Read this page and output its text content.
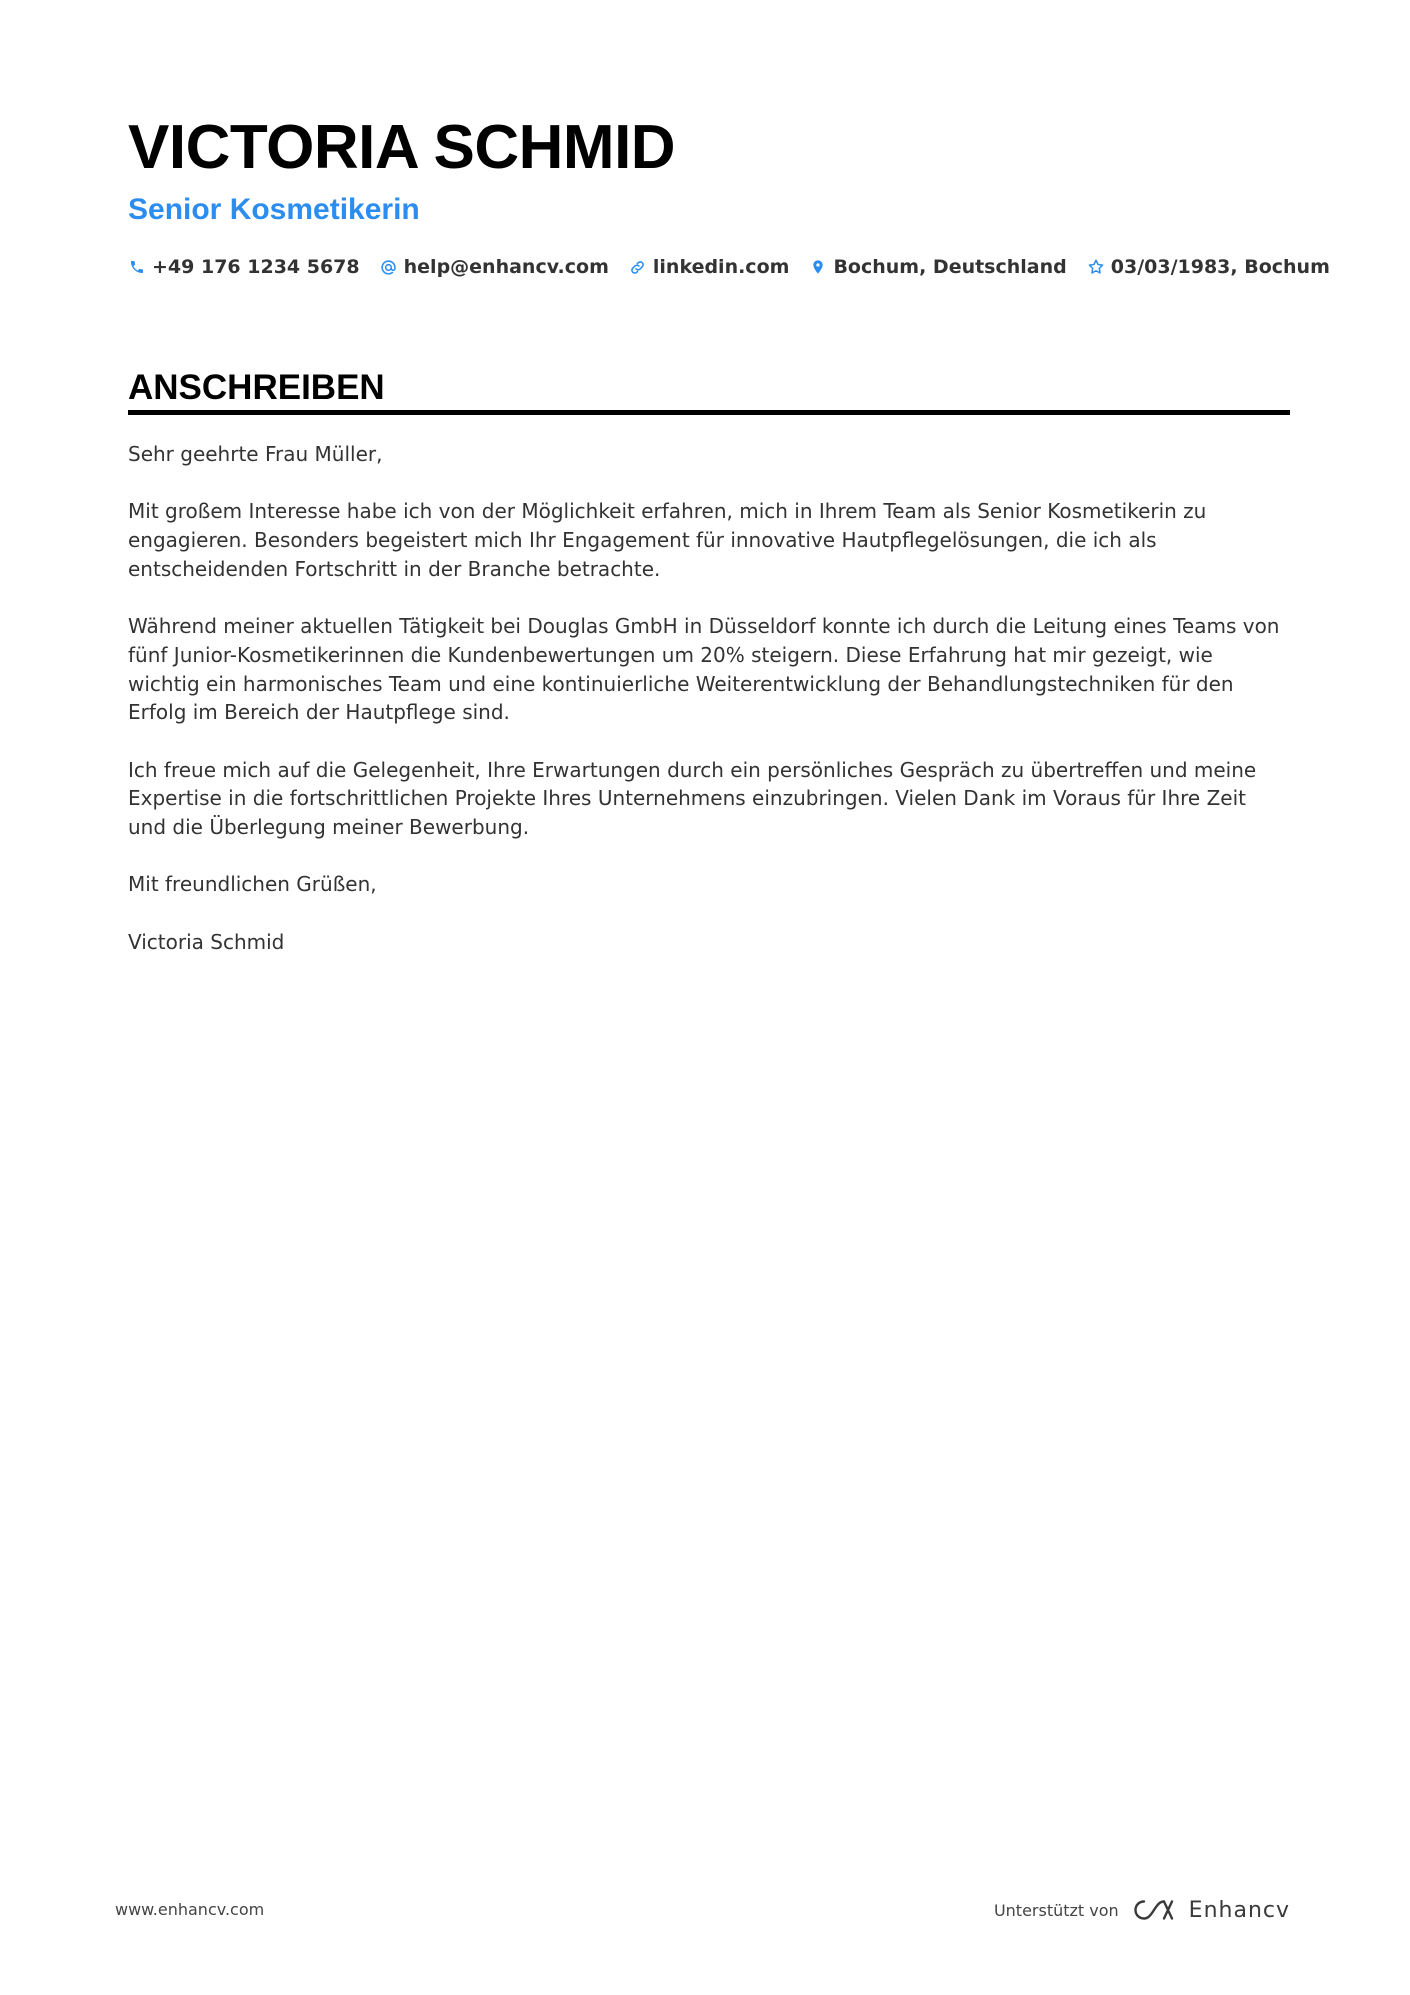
VICTORIA SCHMID
Senior Kosmetikerin
+49 176 1234 5678 help@enhancv.com linkedin.com Bochum, Deutschland 03/03/1983, Bochum
ANSCHREIBEN

Sehr geehrte Frau Müller,

Mit großem Interesse habe ich von der Möglichkeit erfahren, mich in Ihrem Team als Senior Kosmetikerin zu engagieren. Besonders begeistert mich Ihr Engagement für innovative Hautpflegelösungen, die ich als entscheidenden Fortschritt in der Branche betrachte.

Während meiner aktuellen Tätigkeit bei Douglas GmbH in Düsseldorf konnte ich durch die Leitung eines Teams von fünf Junior-Kosmetikerinnen die Kundenbewertungen um 20% steigern. Diese Erfahrung hat mir gezeigt, wie wichtig ein harmonisches Team und eine kontinuierliche Weiterentwicklung der Behandlungstechniken für den Erfolg im Bereich der Hautpflege sind.

Ich freue mich auf die Gelegenheit, Ihre Erwartungen durch ein persönliches Gespräch zu übertreffen und meine Expertise in die fortschrittlichen Projekte Ihres Unternehmens einzubringen. Vielen Dank im Voraus für Ihre Zeit und die Überlegung meiner Bewerbung.

Mit freundlichen Grüßen,

Victoria Schmid

www.enhancv.com	Unterstützt von	Enhancv
